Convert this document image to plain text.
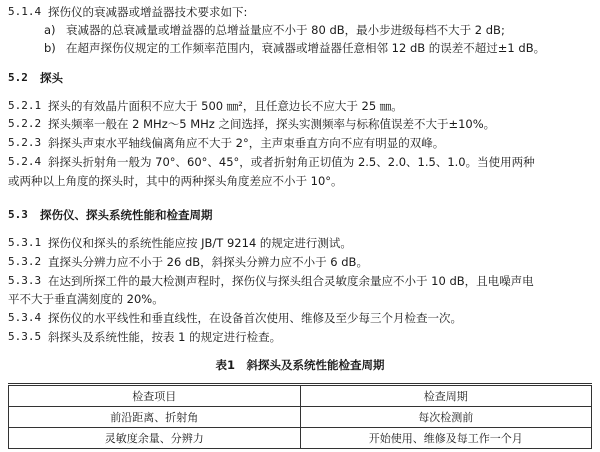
5.1.4 探伤仪的衰减器或增益器技术要求如下:
a) 衰减器的总衰减量或增益器的总增益量应不小于 80 dB，最小步进级每档不大于 2 dB;
b) 在超声探伤仪规定的工作频率范围内，衰减器或增益器任意相邻 12 dB 的误差不超过±1 dB。
5.2 探头
5.2.1 探头的有效晶片面积不应大于 500 ㎜²，且任意边长不应大于 25 ㎜。
5.2.2 探头频率一般在 2 MHz～5 MHz 之间选择，探头实测频率与标称值误差不大于±10%。
5.2.3 斜探头声束水平轴线偏离角应不大于 2°，主声束垂直方向不应有明显的双峰。
5.2.4 斜探头折射角一般为 70°、60°、45°，或者折射角正切值为 2.5、2.0、1.5、1.0。当使用两种
或两种以上角度的探头时，其中的两种探头角度差应不小于 10°。
5.3 探伤仪、探头系统性能和检查周期
5.3.1 探伤仪和探头的系统性能应按 JB/T 9214 的规定进行测试。
5.3.2 直探头分辨力应不小于 26 dB，斜探头分辨力应不小于 6 dB。
5.3.3 在达到所探工件的最大检测声程时，探伤仪与探头组合灵敏度余量应不小于 10 dB，且电噪声电
平不大于垂直满刻度的 20%。
5.3.4 探伤仪的水平线性和垂直线性，在设备首次使用、维修及至少每三个月检查一次。
5.3.5 斜探头及系统性能，按表 1 的规定进行检查。
表1　斜探头及系统性能检查周期
检查项目	检查周期
前沿距离、折射角	每次检测前
灵敏度余量、分辨力	开始使用、维修及每工作一个月
